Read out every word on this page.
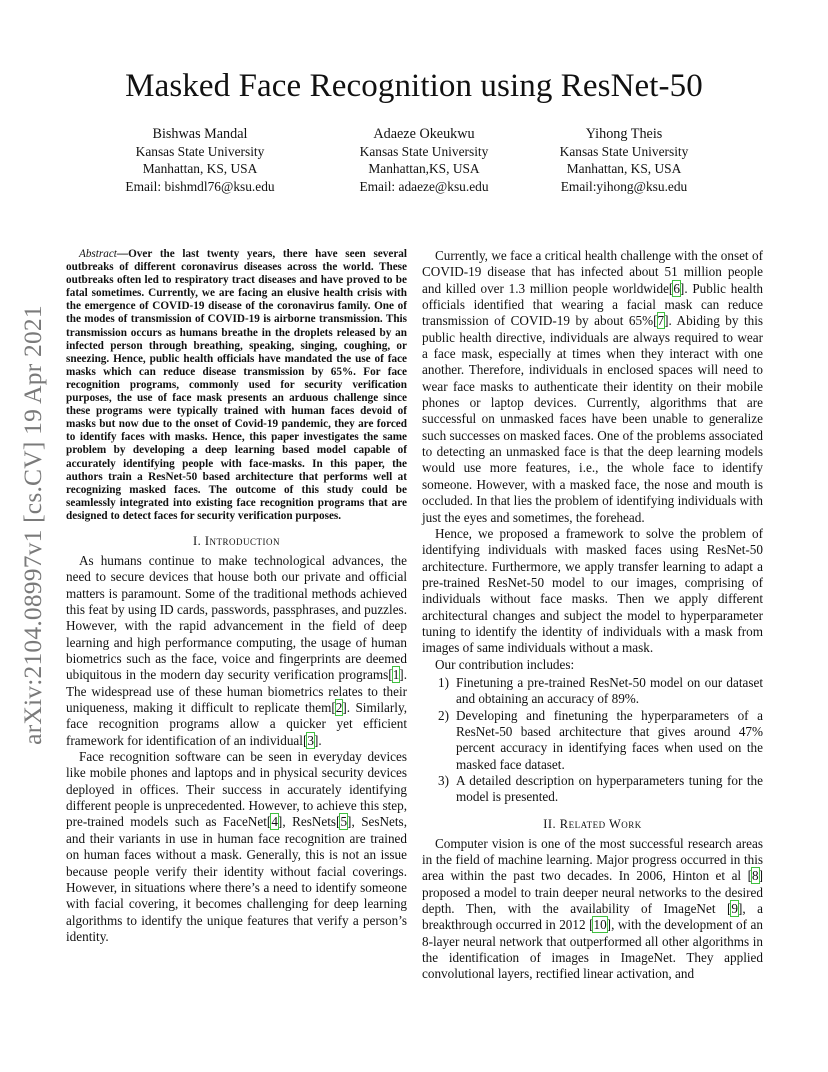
arXiv:2104.08997v1 [cs.CV] 19 Apr 2021
Masked Face Recognition using ResNet-50
Bishwas Mandal
Kansas State University
Manhattan, KS, USA
Email: bishmdl76@ksu.edu
Adaeze Okeukwu
Kansas State University
Manhattan,KS, USA
Email: adaeze@ksu.edu
Yihong Theis
Kansas State University
Manhattan, KS, USA
Email:yihong@ksu.edu

Abstract—Over the last twenty years, there have seen several outbreaks of different coronavirus diseases across the world. These outbreaks often led to respiratory tract diseases and have proved to be fatal sometimes. Currently, we are facing an elusive health crisis with the emergence of COVID-19 disease of the coronavirus family. One of the modes of transmission of COVID-19 is airborne transmission. This transmission occurs as humans breathe in the droplets released by an infected person through breathing, speaking, singing, coughing, or sneezing. Hence, public health officials have mandated the use of face masks which can reduce disease transmission by 65%. For face recognition programs, commonly used for security verification purposes, the use of face mask presents an arduous challenge since these programs were typically trained with human faces devoid of masks but now due to the onset of Covid-19 pandemic, they are forced to identify faces with masks. Hence, this paper investigates the same problem by developing a deep learning based model capable of accurately identifying people with face-masks. In this paper, the authors train a ResNet-50 based architecture that performs well at recognizing masked faces. The outcome of this study could be seamlessly integrated into existing face recognition programs that are designed to detect faces for security verification purposes.

I. Introduction

As humans continue to make technological advances, the need to secure devices that house both our private and official matters is paramount. Some of the traditional methods achieved this feat by using ID cards, passwords, passphrases, and puzzles. However, with the rapid advancement in the field of deep learning and high performance computing, the usage of human biometrics such as the face, voice and fingerprints are deemed ubiquitous in the modern day security verification programs[1]. The widespread use of these human biometrics relates to their uniqueness, making it difficult to replicate them[2]. Similarly, face recognition programs allow a quicker yet efficient framework for identification of an individual[3].

Face recognition software can be seen in everyday devices like mobile phones and laptops and in physical security devices deployed in offices. Their success in accurately identifying different people is unprecedented. However, to achieve this step, pre-trained models such as FaceNet[4], ResNets[5], SesNets, and their variants in use in human face recognition are trained on human faces without a mask. Generally, this is not an issue because people verify their identity without facial coverings. However, in situations where there’s a need to identify someone with facial covering, it becomes challenging for deep learning algorithms to identify the unique features that verify a person’s identity.

Currently, we face a critical health challenge with the onset of COVID-19 disease that has infected about 51 million people and killed over 1.3 million people worldwide[6]. Public health officials identified that wearing a facial mask can reduce transmission of COVID-19 by about 65%[7]. Abiding by this public health directive, individuals are always required to wear a face mask, especially at times when they interact with one another. Therefore, individuals in enclosed spaces will need to wear face masks to authenticate their identity on their mobile phones or laptop devices. Currently, algorithms that are successful on unmasked faces have been unable to generalize such successes on masked faces. One of the problems associated to detecting an unmasked face is that the deep learning models would use more features, i.e., the whole face to identify someone. However, with a masked face, the nose and mouth is occluded. In that lies the problem of identifying individuals with just the eyes and sometimes, the forehead.

Hence, we proposed a framework to solve the problem of identifying individuals with masked faces using ResNet-50 architecture. Furthermore, we apply transfer learning to adapt a pre-trained ResNet-50 model to our images, comprising of individuals without face masks. Then we apply different architectural changes and subject the model to hyperparameter tuning to identify the identity of individuals with a mask from images of same individuals without a mask.

Our contribution includes:

1) Finetuning a pre-trained ResNet-50 model on our dataset and obtaining an accuracy of 89%.
2) Developing and finetuning the hyperparameters of a ResNet-50 based architecture that gives around 47% percent accuracy in identifying faces when used on the masked face dataset.
3) A detailed description on hyperparameters tuning for the model is presented.
II. Related Work

Computer vision is one of the most successful research areas in the field of machine learning. Major progress occurred in this area within the past two decades. In 2006, Hinton et al [8] proposed a model to train deeper neural networks to the desired depth. Then, with the availability of ImageNet [9], a breakthrough occurred in 2012 [10], with the development of an 8-layer neural network that outperformed all other algorithms in the identification of images in ImageNet. They applied convolutional layers, rectified linear activation, and
